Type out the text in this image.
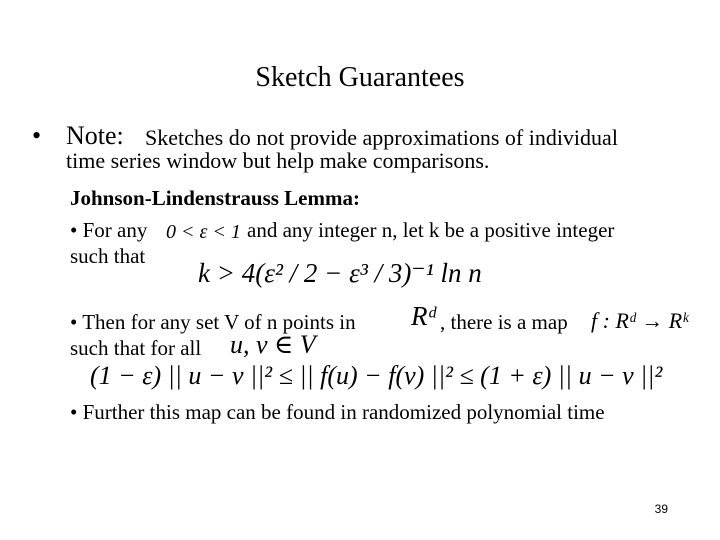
Sketch Guarantees
• Note: Sketches do not provide approximations of individual
time series window but help make comparisons.
Johnson-Lindenstrauss Lemma:
• For any 0 < ε < 1 and any integer n, let k be a positive integer
such that
k > 4(ε² / 2 − ε³ / 3)⁻¹ ln n
• Then for any set V of n points in Rᵈ , there is a map f : Rᵈ → Rᵏ
such that for all u, v ∈ V
(1 − ε) || u − v ||² ≤ || f(u) − f(v) ||² ≤ (1 + ε) || u − v ||²
• Further this map can be found in randomized polynomial time
39
